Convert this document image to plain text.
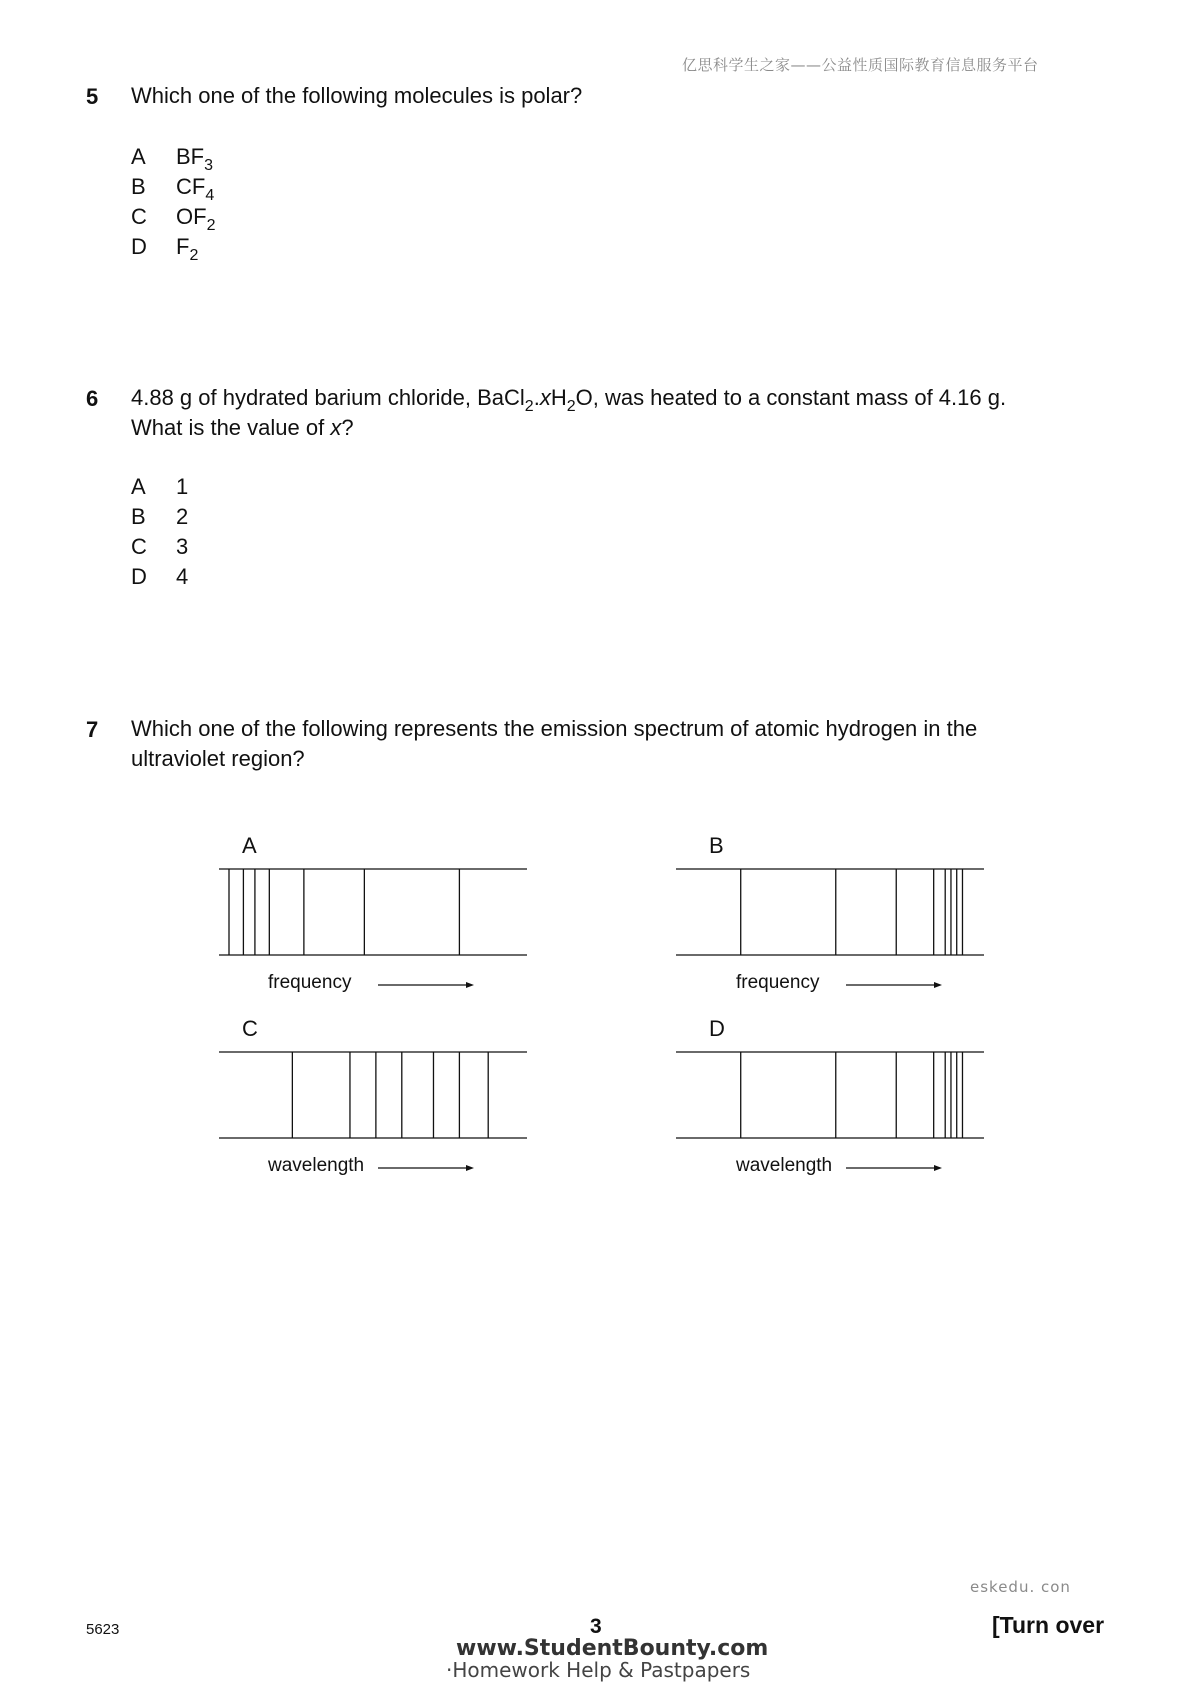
亿思科学生之家——公益性质国际教育信息服务平台
5 Which one of the following molecules is polar?
A	$BF_3$
B	$CF_4$
C	$OF_2$
D	$F_2$
6 4.88 g of hydrated barium chloride, $BaCl_2.xH_2O$, was heated to a constant mass of 4.16 g.
What is the value of x?
A	1
B	2
C	3
D	4
7 Which one of the following represents the emission spectrum of atomic hydrogen in the
ultraviolet region?
A
frequency
B
frequency
C
wavelength
D
wavelength
eskedu. con
5623	3	[Turn over
www.StudentBounty.com
·Homework Help & Pastpapers
